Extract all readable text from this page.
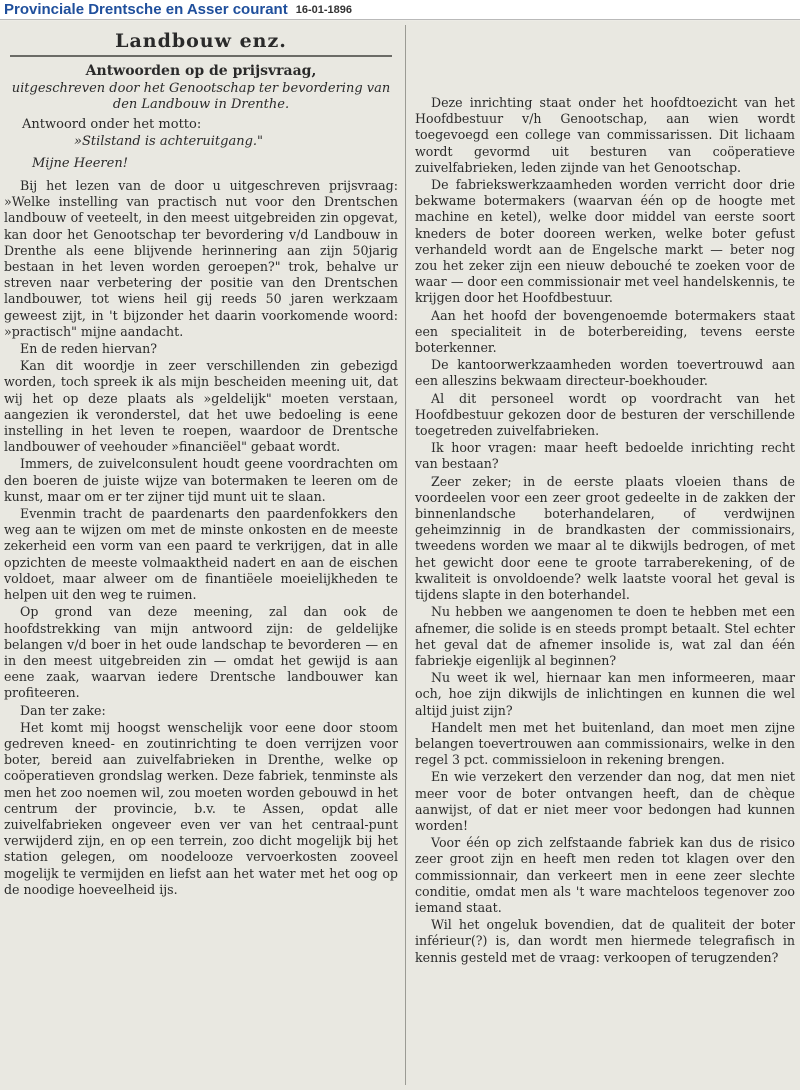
Provinciale Drentsche en Asser courant 16-01-1896
Landbouw enz.
Antwoorden op de prijsvraag,
uitgeschreven door het Genootschap ter bevordering van den Landbouw in Drenthe.
Antwoord onder het motto:
»Stilstand is achteruitgang."
Mijne Heeren!

Bij het lezen van de door u uitgeschreven prijsvraag: »Welke instelling van practisch nut voor den Drentschen landbouw of veeteelt, in den meest uitgebreiden zin opgevat, kan door het Genootschap ter bevordering v/d Landbouw in Drenthe als eene blijvende herinnering aan zijn 50jarig bestaan in het leven worden geroepen?" trok, behalve ur streven naar verbetering der positie van den Drentschen landbouwer, tot wiens heil gij reeds 50 jaren werkzaam geweest zijt, in 't bijzonder het daarin voorkomende woord: »practisch" mijne aandacht.

En de reden hiervan?

Kan dit woordje in zeer verschillenden zin gebezigd worden, toch spreek ik als mijn bescheiden meening uit, dat wij het op deze plaats als »geldelijk" moeten verstaan, aangezien ik veronderstel, dat het uwe bedoeling is eene instelling in het leven te roepen, waardoor de Drentsche landbouwer of veehouder »financiëel" gebaat wordt.

Immers, de zuivelconsulent houdt geene voordrachten om den boeren de juiste wijze van botermaken te leeren om de kunst, maar om er ter zijner tijd munt uit te slaan.

Evenmin tracht de paardenarts den paardenfokkers den weg aan te wijzen om met de minste onkosten en de meeste zekerheid een vorm van een paard te verkrijgen, dat in alle opzichten de meeste volmaaktheid nadert en aan de eischen voldoet, maar alweer om de finantiëele moeielijkheden te helpen uit den weg te ruimen.

Op grond van deze meening, zal dan ook de hoofdstrekking van mijn antwoord zijn: de geldelijke belangen v/d boer in het oude landschap te bevorderen — en in den meest uitgebreiden zin — omdat het gewijd is aan eene zaak, waarvan iedere Drentsche landbouwer kan profiteeren.

Dan ter zake:

Het komt mij hoogst wenschelijk voor eene door stoom gedreven kneed- en zoutinrichting te doen verrijzen voor boter, bereid aan zuivelfabrieken in Drenthe, welke op coöperatieven grondslag werken. Deze fabriek, tenminste als men het zoo noemen wil, zou moeten worden gebouwd in het centrum der provincie, b.v. te Assen, opdat alle zuivelfabrieken ongeveer even ver van het centraal-punt verwijderd zijn, en op een terrein, zoo dicht mogelijk bij het station gelegen, om noodelooze vervoerkosten zooveel mogelijk te vermijden en liefst aan het water met het oog op de noodige hoeveelheid ijs.

Deze inrichting staat onder het hoofdtoezicht van het Hoofdbestuur v/h Genootschap, aan wien wordt toegevoegd een college van commissarissen. Dit lichaam wordt gevormd uit besturen van coöperatieve zuivelfabrieken, leden zijnde van het Genootschap.

De fabriekswerkzaamheden worden verricht door drie bekwame botermakers (waarvan één op de hoogte met machine en ketel), welke door middel van eerste soort kneders de boter dooreen werken, welke boter gefust verhandeld wordt aan de Engelsche markt — beter nog zou het zeker zijn een nieuw debouché te zoeken voor de waar — door een commissionair met veel handelskennis, te krijgen door het Hoofdbestuur.

Aan het hoofd der bovengenoemde botermakers staat een specialiteit in de boterbereiding, tevens eerste boterkenner.

De kantoorwerkzaamheden worden toevertrouwd aan een alleszins bekwaam directeur-boekhouder.

Al dit personeel wordt op voordracht van het Hoofdbestuur gekozen door de besturen der verschillende toegetreden zuivelfabrieken.

Ik hoor vragen: maar heeft bedoelde inrichting recht van bestaan?

Zeer zeker; in de eerste plaats vloeien thans de voordeelen voor een zeer groot gedeelte in de zakken der binnenlandsche boterhandelaren, of verdwijnen geheimzinnig in de brandkasten der commissionairs, tweedens worden we maar al te dikwijls bedrogen, of met het gewicht door eene te groote tarraberekening, of de kwaliteit is onvoldoende? welk laatste vooral het geval is tijdens slapte in den boterhandel.

Nu hebben we aangenomen te doen te hebben met een afnemer, die solide is en steeds prompt betaalt. Stel echter het geval dat de afnemer insolide is, wat zal dan één fabriekje eigenlijk al beginnen?

Nu weet ik wel, hiernaar kan men informeeren, maar och, hoe zijn dikwijls de inlichtingen en kunnen die wel altijd juist zijn?

Handelt men met het buitenland, dan moet men zijne belangen toevertrouwen aan commissionairs, welke in den regel 3 pct. commissieloon in rekening brengen.

En wie verzekert den verzender dan nog, dat men niet meer voor de boter ontvangen heeft, dan de chèque aanwijst, of dat er niet meer voor bedongen had kunnen worden!

Voor één op zich zelfstaande fabriek kan dus de risico zeer groot zijn en heeft men reden tot klagen over den commissionnair, dan verkeert men in eene zeer slechte conditie, omdat men als 't ware machteloos tegenover zoo iemand staat.

Wil het ongeluk bovendien, dat de qualiteit der boter inférieur(?) is, dan wordt men hiermede telegrafisch in kennis gesteld met de vraag: verkoopen of terugzenden?
